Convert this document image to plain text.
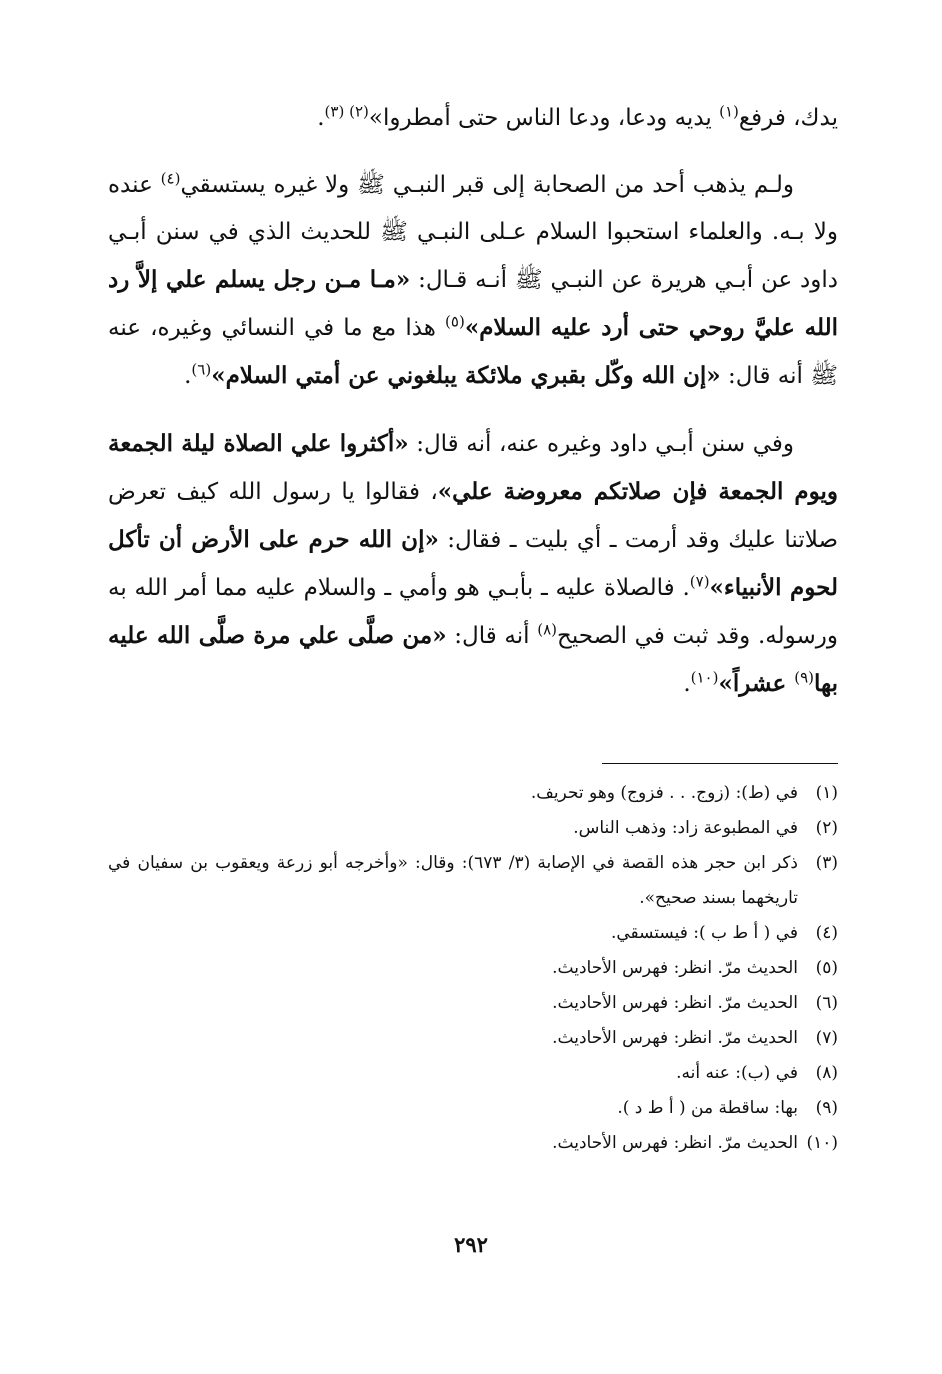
يدك، فرفع$^{(١)}$ يديه ودعا، ودعا الناس حتى أمطروا»$^{(٢) (٣)}$.

ولـم يذهب أحد من الصحابة إلى قبر النبـي ﷺ ولا غيره يستسقي$^{(٤)}$ عنده ولا بـه. والعلماء استحبوا السلام عـلى النبـي ﷺ للحديث الذي في سنن أبـي داود عن أبـي هريرة عن النبـي ﷺ أنـه قـال: «مـا مـن رجل يسلم علي إلاَّ رد الله عليَّ روحي حتى أرد عليه السلام»$^{(٥)}$ هذا مع ما في النسائي وغيره، عنه ﷺ أنه قال: «إن الله وكّل بقبري ملائكة يبلغوني عن أمتي السلام»$^{(٦)}$.

وفي سنن أبـي داود وغيره عنه، أنه قال: «أكثروا علي الصلاة ليلة الجمعة ويوم الجمعة فإن صلاتكم معروضة علي»، فقالوا يا رسول الله كيف تعرض صلاتنا عليك وقد أرمت ـ أي بليت ـ فقال: «إن الله حرم على الأرض أن تأكل لحوم الأنبياء»$^{(٧)}$. فالصلاة عليه ـ بأبـي هو وأمي ـ والسلام عليه مما أمر الله به ورسوله. وقد ثبت في الصحيح$^{(٨)}$ أنه قال: «من صلَّى علي مرة صلَّى الله عليه بها$^{(٩)}$ عشراً»$^{(١٠)}$.

(١)
في (ط): (زوج. . . فزوج) وهو تحريف.
(٢)
في المطبوعة زاد: وذهب الناس.
(٣)
ذكر ابن حجر هذه القصة في الإصابة (٣/ ٦٧٣): وقال: «وأخرجه أبو زرعة ويعقوب بن سفيان في تاريخهما بسند صحيح».
(٤)
في ( أ ط ب ): فيستسقي.
(٥)
الحديث مرّ. انظر: فهرس الأحاديث.
(٦)
الحديث مرّ. انظر: فهرس الأحاديث.
(٧)
الحديث مرّ. انظر: فهرس الأحاديث.
(٨)
في (ب): عنه أنه.
(٩)
بها: ساقطة من ( أ ط د ).
(١٠)
الحديث مرّ. انظر: فهرس الأحاديث.
٢٩٢
